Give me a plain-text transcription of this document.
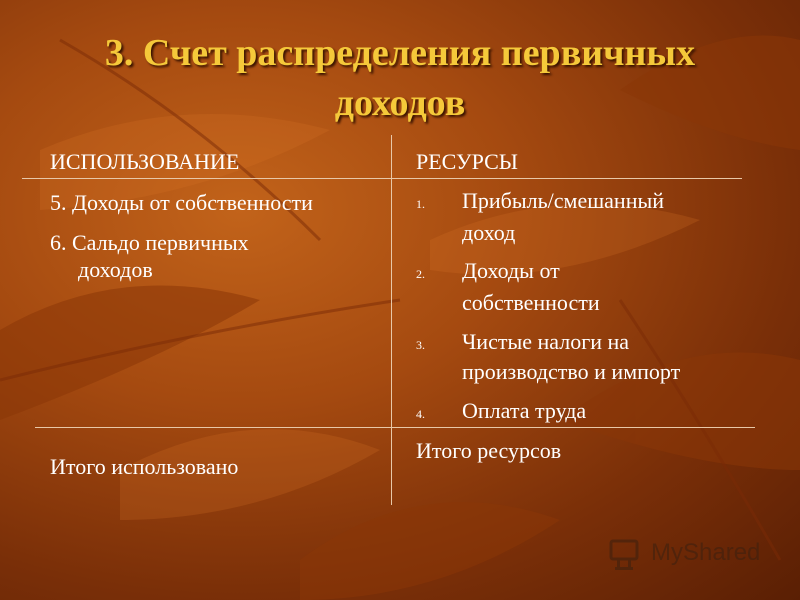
3. Счет распределения первичных доходов
ИСПОЛЬЗОВАНИЕ
5. Доходы от собственности
6. Сальдо первичных
доходов
Итого использовано
РЕСУРСЫ
1. Прибыль/смешанный
доход
2. Доходы от
собственности
3. Чистые налоги на
производство и импорт
4. Оплата труда
Итого ресурсов
MyShared
